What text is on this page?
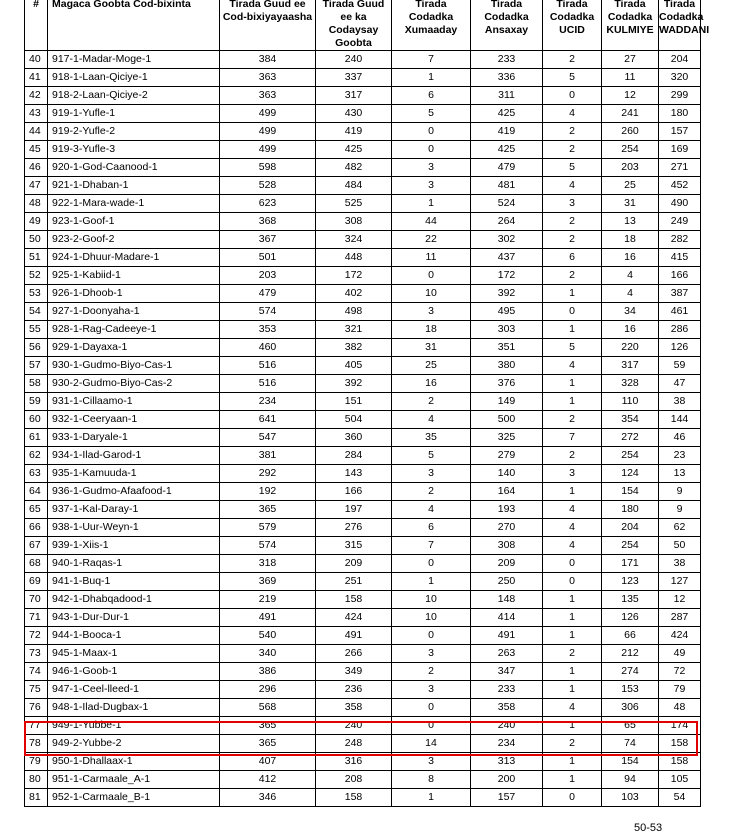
#	Magaca Goobta Cod-bixinta	Tirada Guud ee Cod-bixiyayaasha	Tirada Guud ee ka Codaysay Goobta	Tirada Codadka Xumaaday	Tirada Codadka Ansaxay	Tirada Codadka UCID	Tirada Codadka KULMIYE	Tirada Codadka WADDANI
40	917-1-Madar-Moge-1	384	240	7	233	2	27	204
41	918-1-Laan-Qiciye-1	363	337	1	336	5	11	320
42	918-2-Laan-Qiciye-2	363	317	6	311	0	12	299
43	919-1-Yufle-1	499	430	5	425	4	241	180
44	919-2-Yufle-2	499	419	0	419	2	260	157
45	919-3-Yufle-3	499	425	0	425	2	254	169
46	920-1-God-Caanood-1	598	482	3	479	5	203	271
47	921-1-Dhaban-1	528	484	3	481	4	25	452
48	922-1-Mara-wade-1	623	525	1	524	3	31	490
49	923-1-Goof-1	368	308	44	264	2	13	249
50	923-2-Goof-2	367	324	22	302	2	18	282
51	924-1-Dhuur-Madare-1	501	448	11	437	6	16	415
52	925-1-Kabiid-1	203	172	0	172	2	4	166
53	926-1-Dhoob-1	479	402	10	392	1	4	387
54	927-1-Doonyaha-1	574	498	3	495	0	34	461
55	928-1-Rag-Cadeeye-1	353	321	18	303	1	16	286
56	929-1-Dayaxa-1	460	382	31	351	5	220	126
57	930-1-Gudmo-Biyo-Cas-1	516	405	25	380	4	317	59
58	930-2-Gudmo-Biyo-Cas-2	516	392	16	376	1	328	47
59	931-1-Cillaamo-1	234	151	2	149	1	110	38
60	932-1-Ceeryaan-1	641	504	4	500	2	354	144
61	933-1-Daryale-1	547	360	35	325	7	272	46
62	934-1-Ilad-Garod-1	381	284	5	279	2	254	23
63	935-1-Kamuuda-1	292	143	3	140	3	124	13
64	936-1-Gudmo-Afaafood-1	192	166	2	164	1	154	9
65	937-1-Kal-Daray-1	365	197	4	193	4	180	9
66	938-1-Uur-Weyn-1	579	276	6	270	4	204	62
67	939-1-Xiis-1	574	315	7	308	4	254	50
68	940-1-Raqas-1	318	209	0	209	0	171	38
69	941-1-Buq-1	369	251	1	250	0	123	127
70	942-1-Dhabqadood-1	219	158	10	148	1	135	12
71	943-1-Dur-Dur-1	491	424	10	414	1	126	287
72	944-1-Booca-1	540	491	0	491	1	66	424
73	945-1-Maax-1	340	266	3	263	2	212	49
74	946-1-Goob-1	386	349	2	347	1	274	72
75	947-1-Ceel-lleed-1	296	236	3	233	1	153	79
76	948-1-Ilad-Dugbax-1	568	358	0	358	4	306	48
77	949-1-Yubbe-1	365	240	0	240	1	65	174
78	949-2-Yubbe-2	365	248	14	234	2	74	158
79	950-1-Dhallaax-1	407	316	3	313	1	154	158
80	951-1-Carmaale_A-1	412	208	8	200	1	94	105
81	952-1-Carmaale_B-1	346	158	1	157	0	103	54
50-53
